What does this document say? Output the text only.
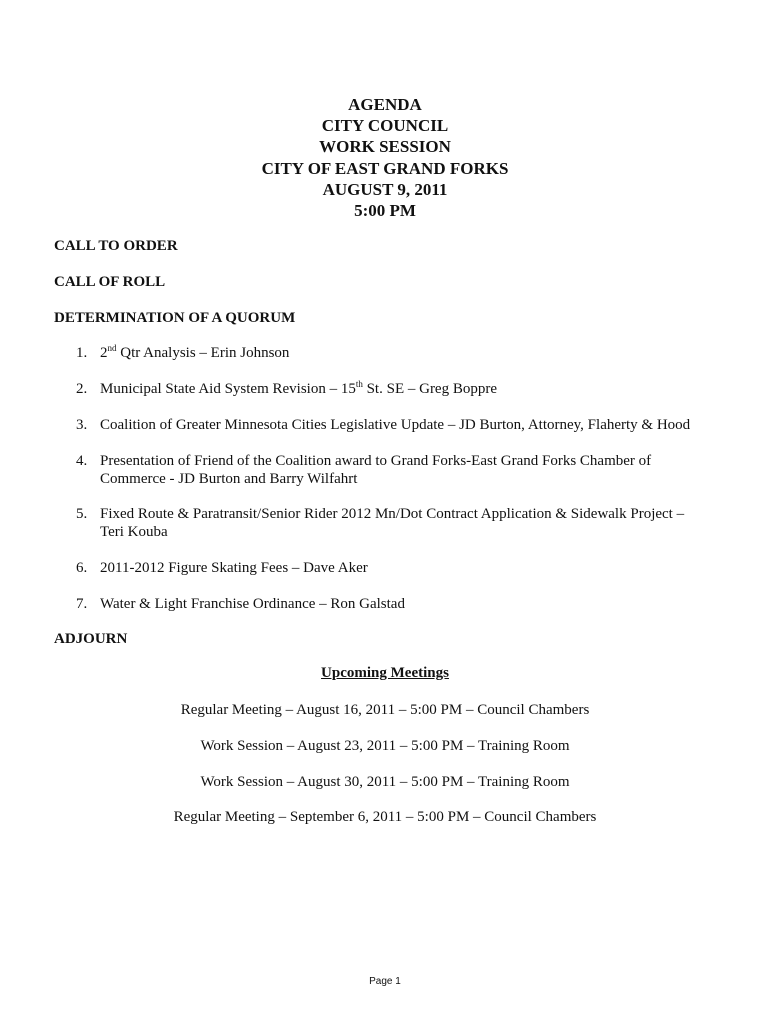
AGENDA
CITY COUNCIL
WORK SESSION
CITY OF EAST GRAND FORKS
AUGUST 9, 2011
5:00 PM
CALL TO ORDER
CALL OF ROLL
DETERMINATION OF A QUORUM
1. 2nd Qtr Analysis – Erin Johnson
2. Municipal State Aid System Revision – 15th St. SE – Greg Boppre
3. Coalition of Greater Minnesota Cities Legislative Update – JD Burton, Attorney, Flaherty & Hood
4. Presentation of Friend of the Coalition award to Grand Forks-East Grand Forks Chamber of
Commerce - JD Burton and Barry Wilfahrt
5. Fixed Route & Paratransit/Senior Rider 2012 Mn/Dot Contract Application & Sidewalk Project –
Teri Kouba
6. 2011-2012 Figure Skating Fees – Dave Aker
7. Water & Light Franchise Ordinance – Ron Galstad
ADJOURN
Upcoming Meetings
Regular Meeting – August 16, 2011 – 5:00 PM – Council Chambers
Work Session – August 23, 2011 – 5:00 PM – Training Room
Work Session – August 30, 2011 – 5:00 PM – Training Room
Regular Meeting – September 6, 2011 – 5:00 PM – Council Chambers
Page 1
